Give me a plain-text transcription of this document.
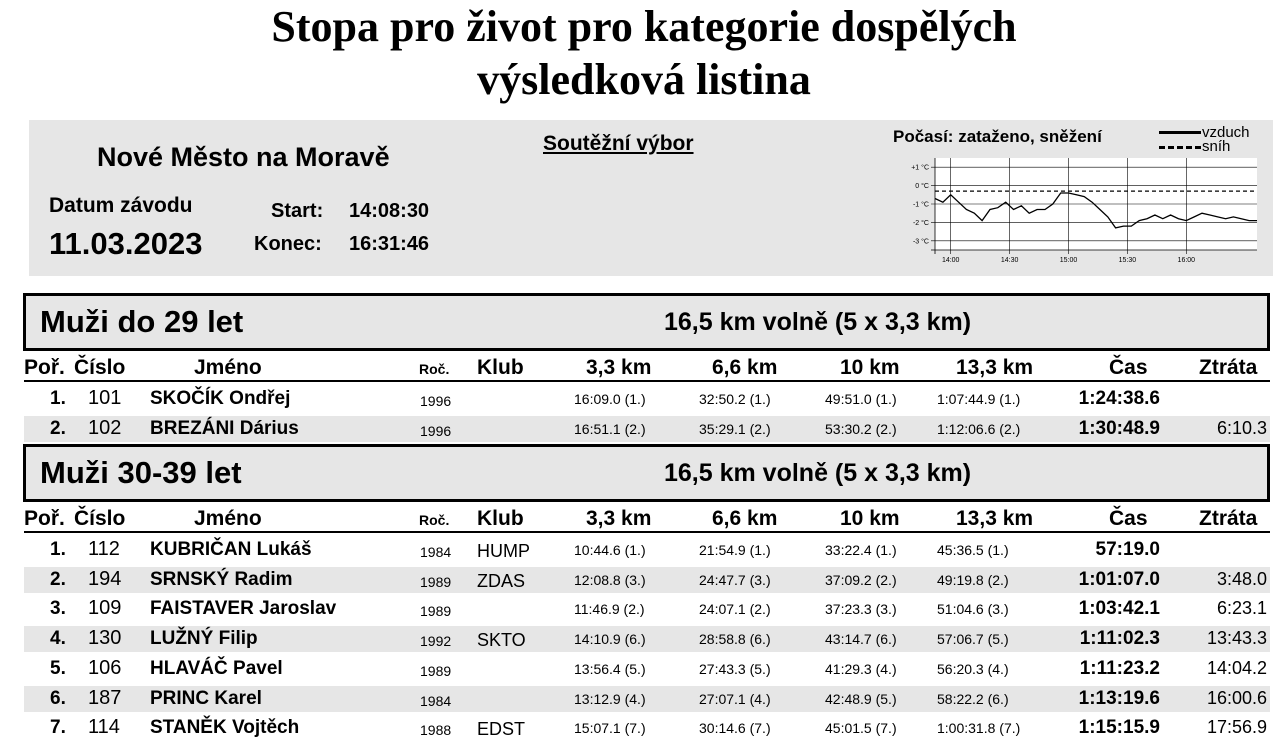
Stopa pro život pro kategorie dospělých
výsledková listina
Nové Město na Moravě
Datum závodu
11.03.2023
Start: 14:08:30
Konec: 16:31:46
Soutěžní výbor	Počasí: zataženo, sněžení	vzduch
sníh
+1 °C
0 °C
-1 °C
-2 °C
-3 °C
14:00	14:30	15:00	15:30	16:00
Muži do 29 let	16,5 km volně (5 x 3,3 km)
Poř. Číslo	Jméno	Roč. Klub	3,3 km	6,6 km	10 km	13,3 km	Čas Ztráta
1. 101 SKOČÍK Ondřej	1996	16:09.0 (1.)	32:50.2 (1.)	49:51.0 (1.)	1:07:44.9 (1.)	1:24:38.6
2. 102 BREZÁNI Dárius	1996	16:51.1 (2.)	35:29.1 (2.)	53:30.2 (2.)	1:12:06.6 (2.)	1:30:48.9	6:10.3
Muži 30-39 let	16,5 km volně (5 x 3,3 km)
Poř. Číslo	Jméno	Roč. Klub	3,3 km	6,6 km	10 km	13,3 km	Čas Ztráta
1. 112 KUBRIČAN Lukáš	1984 HUMP	10:44.6 (1.)	21:54.9 (1.)	33:22.4 (1.)	45:36.5 (1.)	57:19.0
2. 194 SRNSKÝ Radim	1989 ZDAS	12:08.8 (3.)	24:47.7 (3.)	37:09.2 (2.)	49:19.8 (2.)	1:01:07.0	3:48.0
3. 109 FAISTAVER Jaroslav	1989	11:46.9 (2.)	24:07.1 (2.)	37:23.3 (3.)	51:04.6 (3.)	1:03:42.1	6:23.1
4. 130 LUŽNÝ Filip	1992 SKTO	14:10.9 (6.)	28:58.8 (6.)	43:14.7 (6.)	57:06.7 (5.)	1:11:02.3	13:43.3
5. 106 HLAVÁČ Pavel	1989	13:56.4 (5.)	27:43.3 (5.)	41:29.3 (4.)	56:20.3 (4.)	1:11:23.2	14:04.2
6. 187 PRINC Karel	1984	13:12.9 (4.)	27:07.1 (4.)	42:48.9 (5.)	58:22.2 (6.)	1:13:19.6	16:00.6
7. 114 STANĚK Vojtěch	1988 EDST	15:07.1 (7.)	30:14.6 (7.)	45:01.5 (7.)	1:00:31.8 (7.)	1:15:15.9	17:56.9
